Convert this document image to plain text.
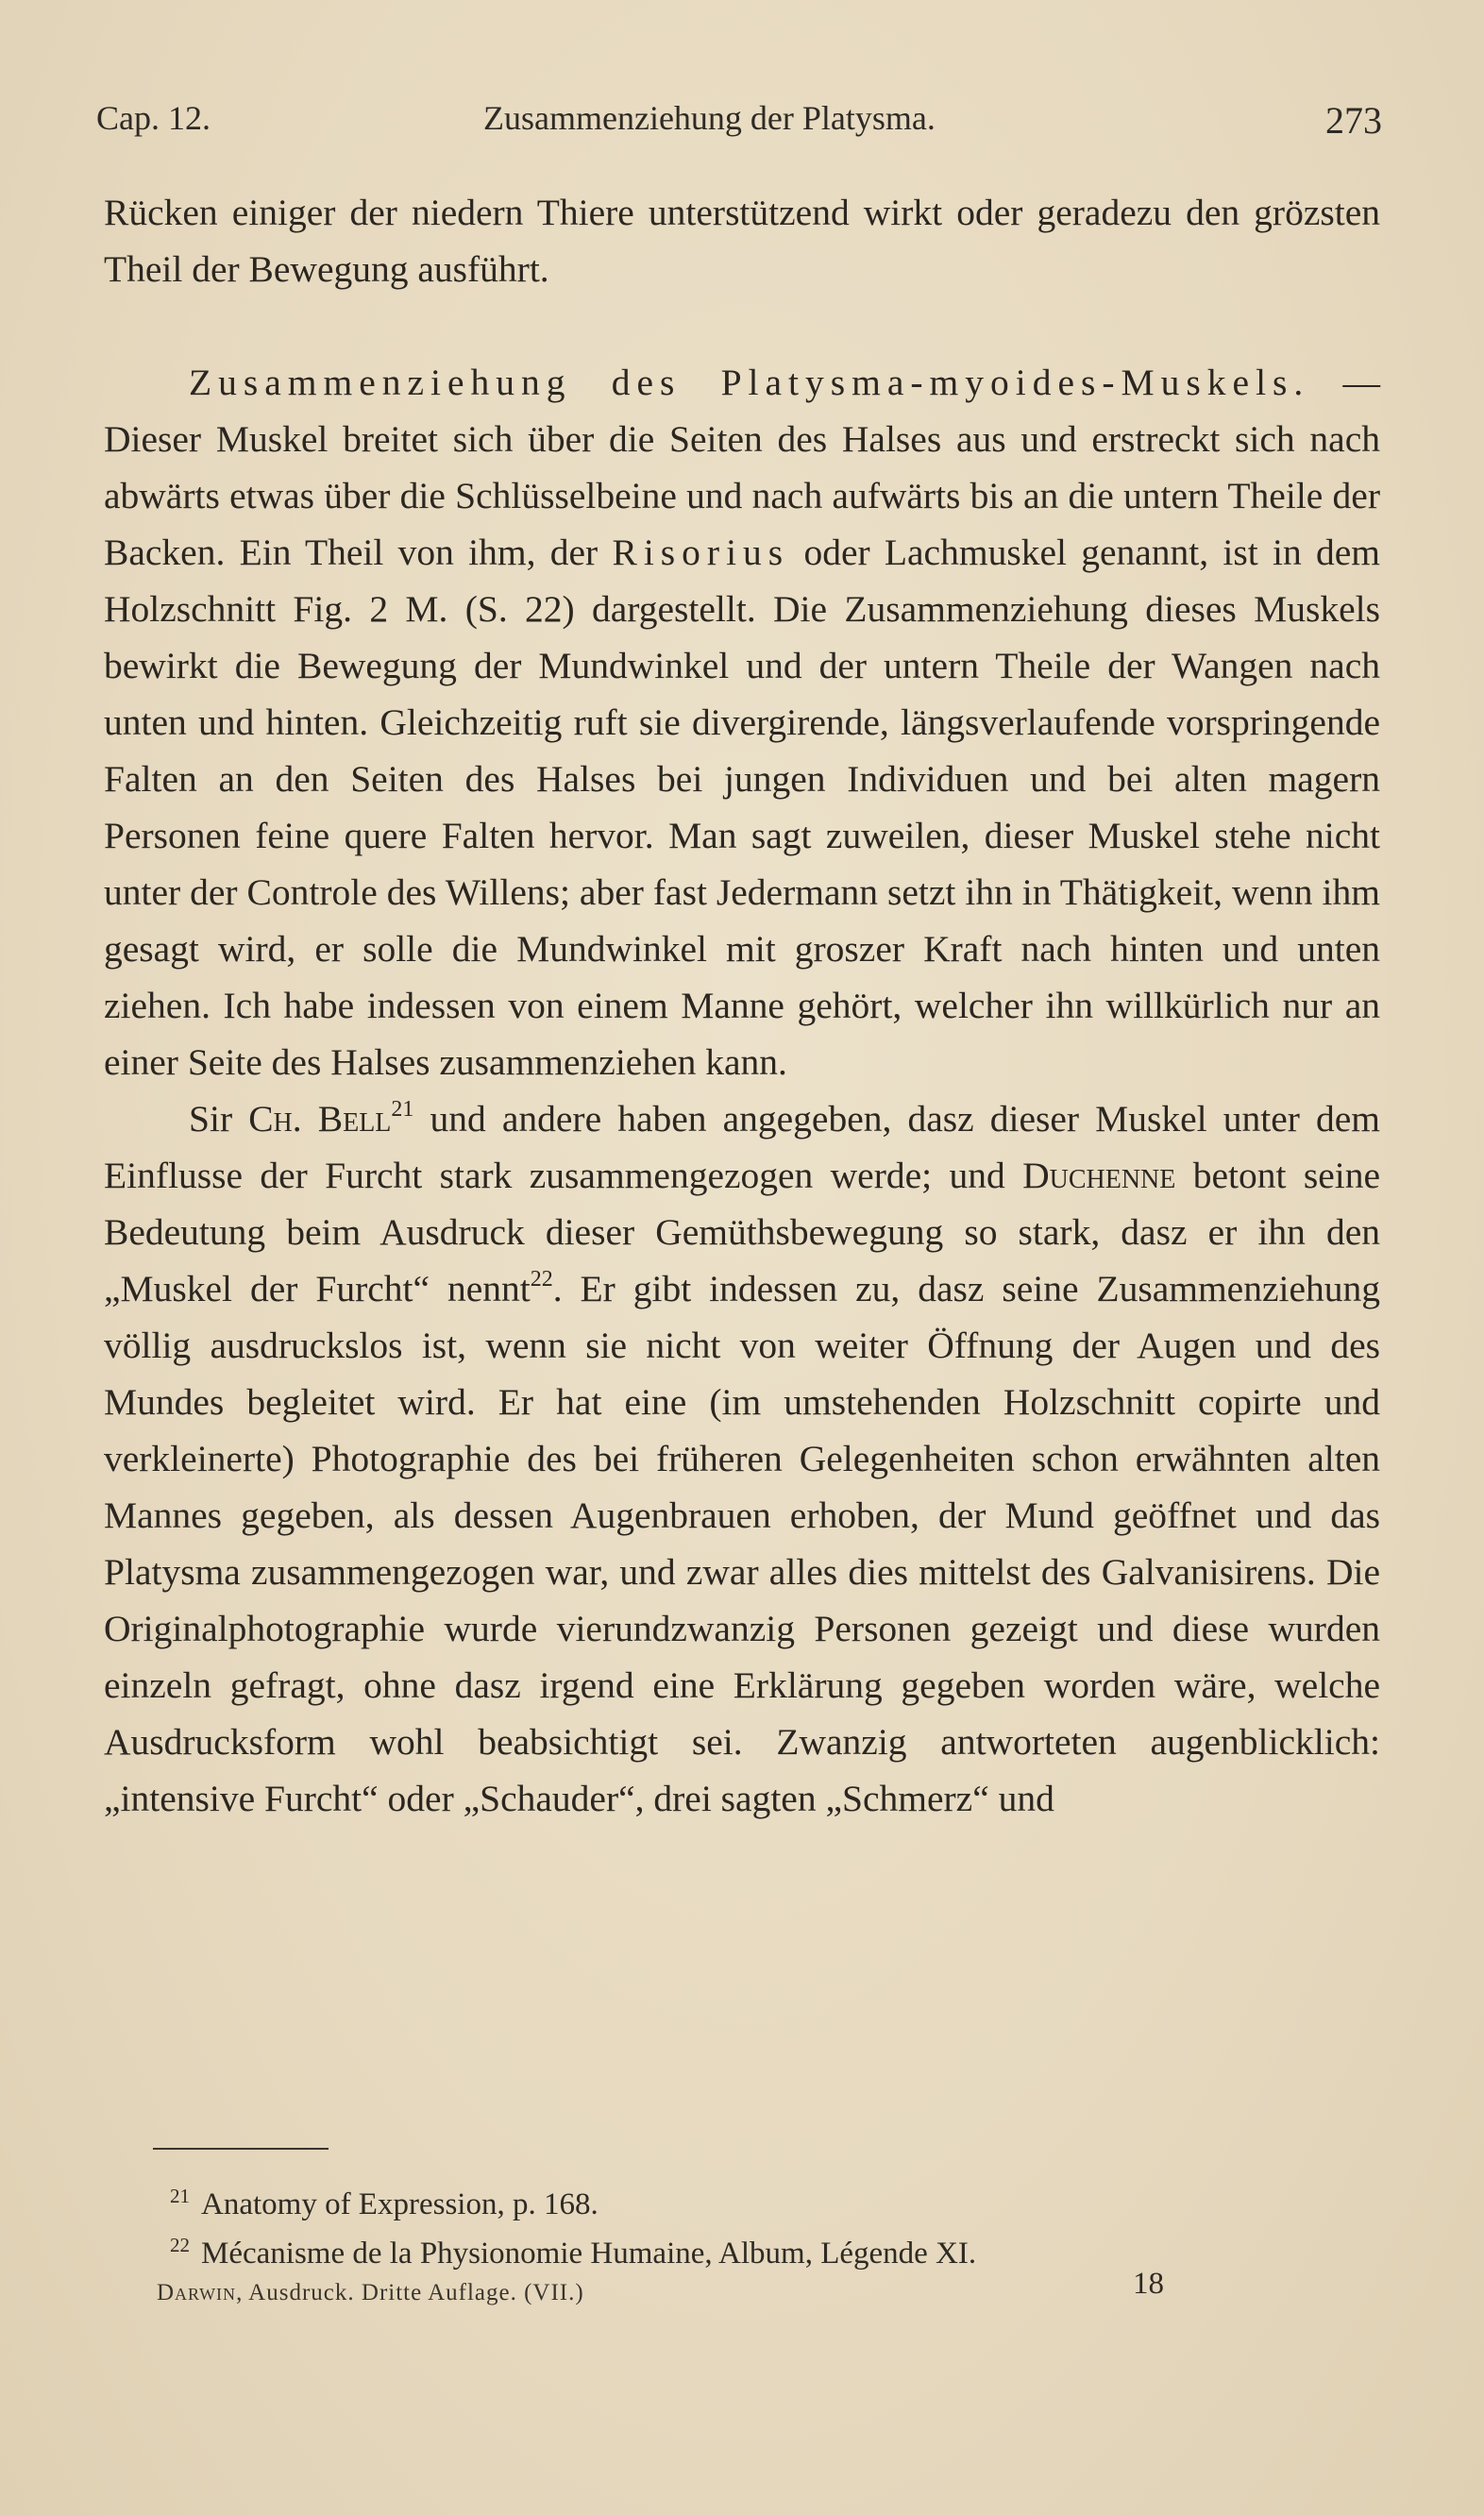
Cap. 12.	Zusammenziehung der Platysma.	273

Rücken einiger der niedern Thiere unterstützend wirkt oder geradezu den grözsten Theil der Bewegung ausführt.

Zusammenziehung des Platysma-myoides-Muskels. — Dieser Muskel breitet sich über die Seiten des Halses aus und erstreckt sich nach abwärts etwas über die Schlüsselbeine und nach aufwärts bis an die untern Theile der Backen. Ein Theil von ihm, der Risorius oder Lachmuskel genannt, ist in dem Holzschnitt Fig. 2 M. (S. 22) dargestellt. Die Zusammenziehung dieses Muskels bewirkt die Bewegung der Mundwinkel und der untern Theile der Wangen nach unten und hinten. Gleichzeitig ruft sie divergirende, längsverlaufende vorspringende Falten an den Seiten des Halses bei jungen Individuen und bei alten magern Personen feine quere Falten hervor. Man sagt zuweilen, dieser Muskel stehe nicht unter der Controle des Willens; aber fast Jedermann setzt ihn in Thätigkeit, wenn ihm gesagt wird, er solle die Mundwinkel mit groszer Kraft nach hinten und unten ziehen. Ich habe indessen von einem Manne gehört, welcher ihn willkürlich nur an einer Seite des Halses zusammenziehen kann.

Sir Ch. Bell$^{21}$ und andere haben angegeben, dasz dieser Muskel unter dem Einflusse der Furcht stark zusammengezogen werde; und Duchenne betont seine Bedeutung beim Ausdruck dieser Gemüthsbewegung so stark, dasz er ihn den „Muskel der Furcht“ nennt$^{22}$. Er gibt indessen zu, dasz seine Zusammenziehung völlig ausdruckslos ist, wenn sie nicht von weiter Öffnung der Augen und des Mundes begleitet wird. Er hat eine (im umstehenden Holzschnitt copirte und verkleinerte) Photographie des bei früheren Gelegenheiten schon erwähnten alten Mannes gegeben, als dessen Augenbrauen erhoben, der Mund geöffnet und das Platysma zusammengezogen war, und zwar alles dies mittelst des Galvanisirens. Die Originalphotographie wurde vierundzwanzig Personen gezeigt und diese wurden einzeln gefragt, ohne dasz irgend eine Erklärung gegeben worden wäre, welche Ausdrucksform wohl beabsichtigt sei. Zwanzig antworteten augenblicklich: „intensive Furcht“ oder „Schauder“, drei sagten „Schmerz“ und

$^{21}$ Anatomy of Expression, p. 168.
$^{22}$ Mécanisme de la Physionomie Humaine, Album, Légende XI.
Darwin, Ausdruck. Dritte Auflage. (VII.)	18
